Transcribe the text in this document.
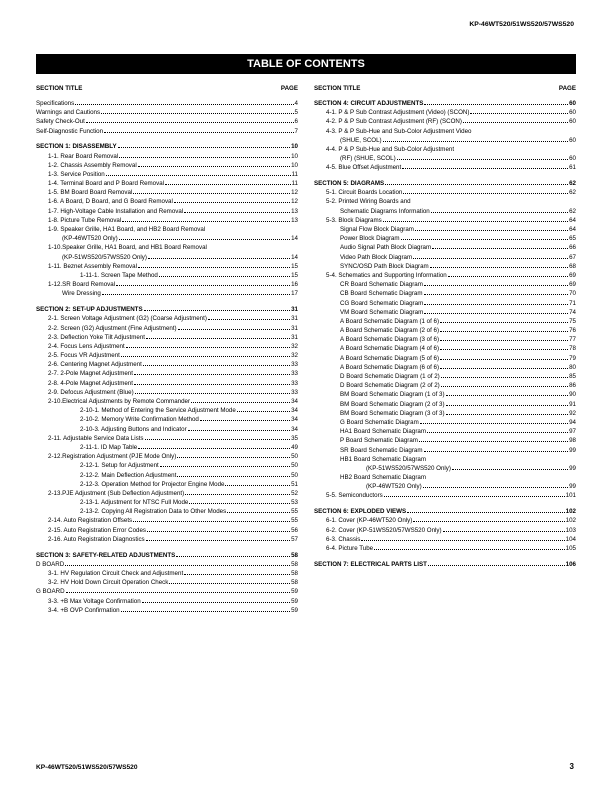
KP-46WT520/51WS520/57WS520
TABLE OF CONTENTS
SECTION TITLE	PAGE
Specifications	4
Warnings and Cautions	5
Safety Check-Out	6
Self-Diagnostic Function	7
SECTION 1: DISASSEMBLY	10
1-1. Rear Board Removal	10
1-2. Chassis Assembly Removal	10
1-3. Service Position	11
1-4. Terminal Board and P Board Removal	11
1-5. BM Board Board Removal	12
1-6. A Board, D Board, and G Board Removal	12
1-7. High-Voltage Cable Installation and Removal	13
1-8. Picture Tube Removal	13
1-9. Speaker Grille, HA1 Board, and HB2 Board Removal
(KP-46WT520 Only)	14
1-10.Speaker Grille, HA1 Board, and HB1 Board Removal
(KP-51WS520/57WS520 Only)	14
1-11. Beznet Assembly Removal	15
1-11-1. Screen Tape Method	15
1-12.SR Board Removal	16
Wire Dressing	17
SECTION 2: SET-UP ADJUSTMENTS	31
2-1. Screen Voltage Adjustment (G2) (Coarse Adjustment)	31
2-2. Screen (G2) Adjustment (Fine Adjustment)	31
2-3. Deflection Yoke Tilt Adjustment	31
2-4. Focus Lens Adjustment	32
2-5. Focus VR Adjustment	32
2-6. Centering Magnet Adjustment	33
2-7. 2-Pole Magnet Adjustment	33
2-8. 4-Pole Magnet Adjustment	33
2-9. Defocus Adjustment (Blue)	33
2-10.Electrical Adjustments by Remote Commander	34
2-10-1. Method of Entering the Service Adjustment Mode	34
2-10-2. Memory Write Confirmation Method	34
2-10-3. Adjusting Buttons and Indicator	34
2-11. Adjustable Service Data Lists	35
2-11-1. ID Map Table	49
2-12.Registration Adjustment (PJE Mode Only)	50
2-12-1. Setup for Adjustment	50
2-12-2. Main Deflection Adjustment	50
2-12-3. Operation Method for Projector Engine Mode	51
2-13.PJE Adjustment (Sub Deflection Adjustment)	52
2-13-1. Adjustment for NTSC Full Mode	53
2-13-2. Copying All Registration Data to Other Modes	55
2-14. Auto Registration Offsets	55
2-15. Auto Registration Error Codes	56
2-16. Auto Registration Diagnostics	57
SECTION 3: SAFETY-RELATED ADJUSTMENTS	58
D BOARD	58
3-1. HV Regulation Circuit Check and Adjustment	58
3-2. HV Hold Down Circuit Operation Check	58
G BOARD	59
3-3. +B Max Voltage Confirmation	59
3-4. +B OVP Confirmation	59
SECTION TITLE	PAGE
SECTION 4: CIRCUIT ADJUSTMENTS	60
4-1. P & P Sub Contrast Adjustment (Video) (SCON)	60
4-2. P & P Sub Contrast Adjustment (RF) (SCON)	60
4-3. P & P Sub-Hue and Sub-Color Adjustment Video
(SHUE, SCOL)	60
4-4. P & P Sub-Hue and Sub-Color Adjustment
(RF) (SHUE, SCOL)	60
4-5. Blue Offset Adjustment	61
SECTION 5: DIAGRAMS	62
5-1. Circuit Boards Location	62
5-2. Printed Wiring Boards and
Schematic Diagrams Information	62
5-3. Block Diagrams	64
Signal Flow Block Diagram	64
Power Block Diagram	65
Audio Signal Path Block Diagram	66
Video Path Block Diagram	67
SYNC/OSD Path Block Diagram	68
5-4. Schematics and Supporting Information	69
CR Board Schematic Diagram	69
CB Board Schematic Diagram	70
CG Board Schematic Diagram	71
VM Board Schematic Diagram	74
A Board Schematic Diagram (1 of 6)	75
A Board Schematic Diagram (2 of 6)	76
A Board Schematic Diagram (3 of 6)	77
A Board Schematic Diagram (4 of 6)	78
A Board Schematic Diagram (5 of 6)	79
A Board Schematic Diagram (6 of 6)	80
D Board Schematic Diagram (1 of 2)	85
D Board Schematic Diagram (2 of 2)	86
BM Board Schematic Diagram (1 of 3)	90
BM Board Schematic Diagram (2 of 3)	91
BM Board Schematic Diagram (3 of 3)	92
G Board Schematic Diagram	94
HA1 Board Schematic Diagram	97
P Board Schematic Diagram	98
SR Board Schematic Diagram	99
HB1 Board Schematic Diagram
(KP-51WS520/57WS520 Only)	99
HB2 Board Schematic Diagram
(KP-46WT520 Only)	99
5-5. Semiconductors	101
SECTION 6: EXPLODED VIEWS	102
6-1. Cover (KP-46WT520 Only)	102
6-2. Cover (KP-51WS520/57WS520 Only)	103
6-3. Chassis	104
6-4. Picture Tube	105
SECTION 7: ELECTRICAL PARTS LIST	106
KP-46WT520/51WS520/57WS520	3
